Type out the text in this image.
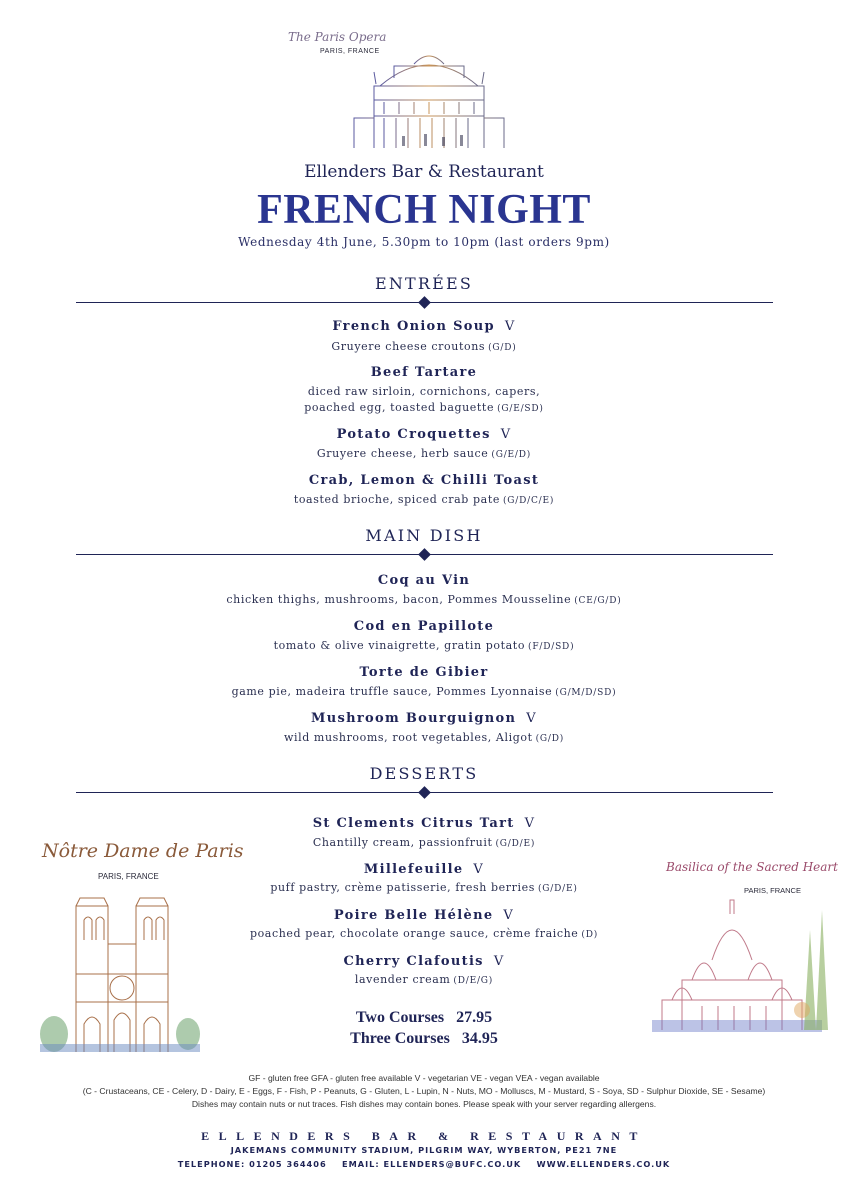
The Paris Opera
PARIS, FRANCE
Ellenders Bar & Restaurant
FRENCH NIGHT
Wednesday 4th June, 5.30pm to 10pm (last orders 9pm)
ENTRÉES
French Onion Soup V
Gruyere cheese croutons (G/D)
Beef Tartare
diced raw sirloin, cornichons, capers,
poached egg, toasted baguette (G/E/SD)
Potato Croquettes V
Gruyere cheese, herb sauce (G/E/D)
Crab, Lemon & Chilli Toast
toasted brioche, spiced crab pate (G/D/C/E)
MAIN DISH
Coq au Vin
chicken thighs, mushrooms, bacon, Pommes Mousseline (CE/G/D)
Cod en Papillote
tomato & olive vinaigrette, gratin potato (F/D/SD)
Torte de Gibier
game pie, madeira truffle sauce, Pommes Lyonnaise (G/M/D/SD)
Mushroom Bourguignon V
wild mushrooms, root vegetables, Aligot (G/D)
DESSERTS
St Clements Citrus Tart V
Chantilly cream, passionfruit (G/D/E)
Millefeuille V
puff pastry, crème patisserie, fresh berries (G/D/E)
Poire Belle Hélène V
poached pear, chocolate orange sauce, crème fraiche (D)
Cherry Clafoutis V
lavender cream (D/E/G)
Two Courses   27.95
Three Courses   34.95
Nôtre Dame de Paris
PARIS, FRANCE
Basilica of the Sacred Heart
PARIS, FRANCE
GF - gluten free GFA - gluten free available V - vegetarian VE - vegan VEA - vegan available
(C - Crustaceans, CE - Celery, D - Dairy, E - Eggs, F - Fish, P - Peanuts, G - Gluten, L - Lupin, N - Nuts, MO - Molluscs, M - Mustard, S - Soya, SD - Sulphur Dioxide, SE - Sesame)
Dishes may contain nuts or nut traces. Fish dishes may contain bones. Please speak with your server regarding allergens.
ELLENDERS BAR & RESTAURANT
JAKEMANS COMMUNITY STADIUM, PILGRIM WAY, WYBERTON, PE21 7NE
TELEPHONE: 01205 364406    EMAIL: ELLENDERS@BUFC.CO.UK    WWW.ELLENDERS.CO.UK
